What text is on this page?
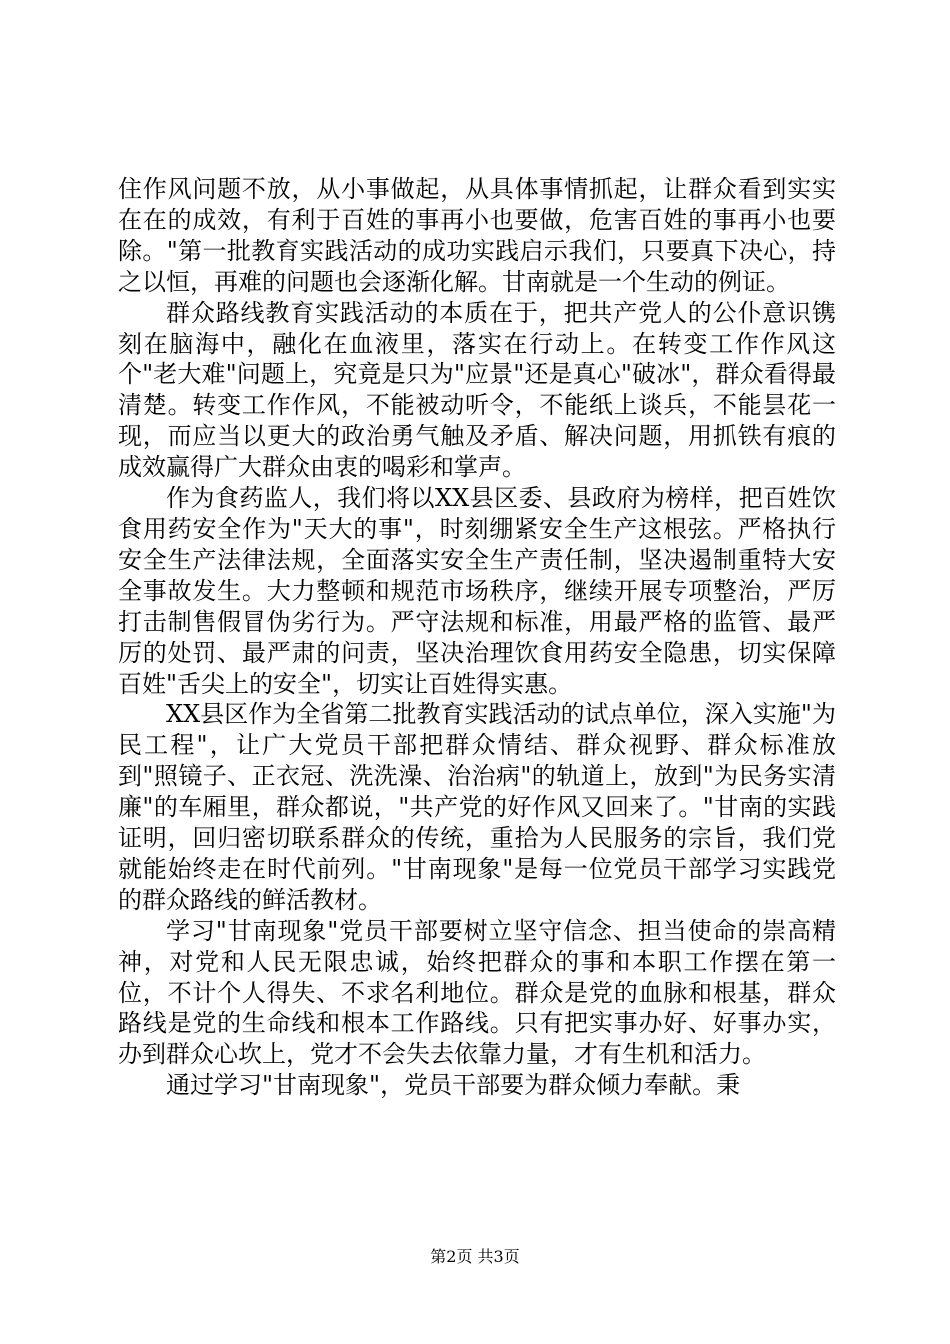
住作风问题不放，从小事做起，从具体事情抓起，让群众看到实实在在的成效，有利于百姓的事再小也要做，危害百姓的事再小也要除。"第一批教育实践活动的成功实践启示我们，只要真下决心，持之以恒，再难的问题也会逐渐化解。甘南就是一个生动的例证。

群众路线教育实践活动的本质在于，把共产党人的公仆意识镌刻在脑海中，融化在血液里，落实在行动上。在转变工作作风这个"老大难"问题上，究竟是只为"应景"还是真心"破冰"，群众看得最清楚。转变工作作风，不能被动听令，不能纸上谈兵，不能昙花一现，而应当以更大的政治勇气触及矛盾、解决问题，用抓铁有痕的成效赢得广大群众由衷的喝彩和掌声。

作为食药监人，我们将以XX县区委、县政府为榜样，把百姓饮食用药安全作为"天大的事"，时刻绷紧安全生产这根弦。严格执行安全生产法律法规，全面落实安全生产责任制，坚决遏制重特大安全事故发生。大力整顿和规范市场秩序，继续开展专项整治，严厉打击制售假冒伪劣行为。严守法规和标准，用最严格的监管、最严厉的处罚、最严肃的问责，坚决治理饮食用药安全隐患，切实保障百姓"舌尖上的安全"，切实让百姓得实惠。

XX县区作为全省第二批教育实践活动的试点单位，深入实施"为民工程"，让广大党员干部把群众情结、群众视野、群众标准放到"照镜子、正衣冠、洗洗澡、治治病"的轨道上，放到"为民务实清廉"的车厢里，群众都说，"共产党的好作风又回来了。"甘南的实践证明，回归密切联系群众的传统，重拾为人民服务的宗旨，我们党就能始终走在时代前列。"甘南现象"是每一位党员干部学习实践党的群众路线的鲜活教材。

学习"甘南现象"党员干部要树立坚守信念、担当使命的崇高精神，对党和人民无限忠诚，始终把群众的事和本职工作摆在第一位，不计个人得失、不求名利地位。群众是党的血脉和根基，群众路线是党的生命线和根本工作路线。只有把实事办好、好事办实，办到群众心坎上，党才不会失去依靠力量，才有生机和活力。

通过学习"甘南现象"，党员干部要为群众倾力奉献。秉

第2页 共3页
